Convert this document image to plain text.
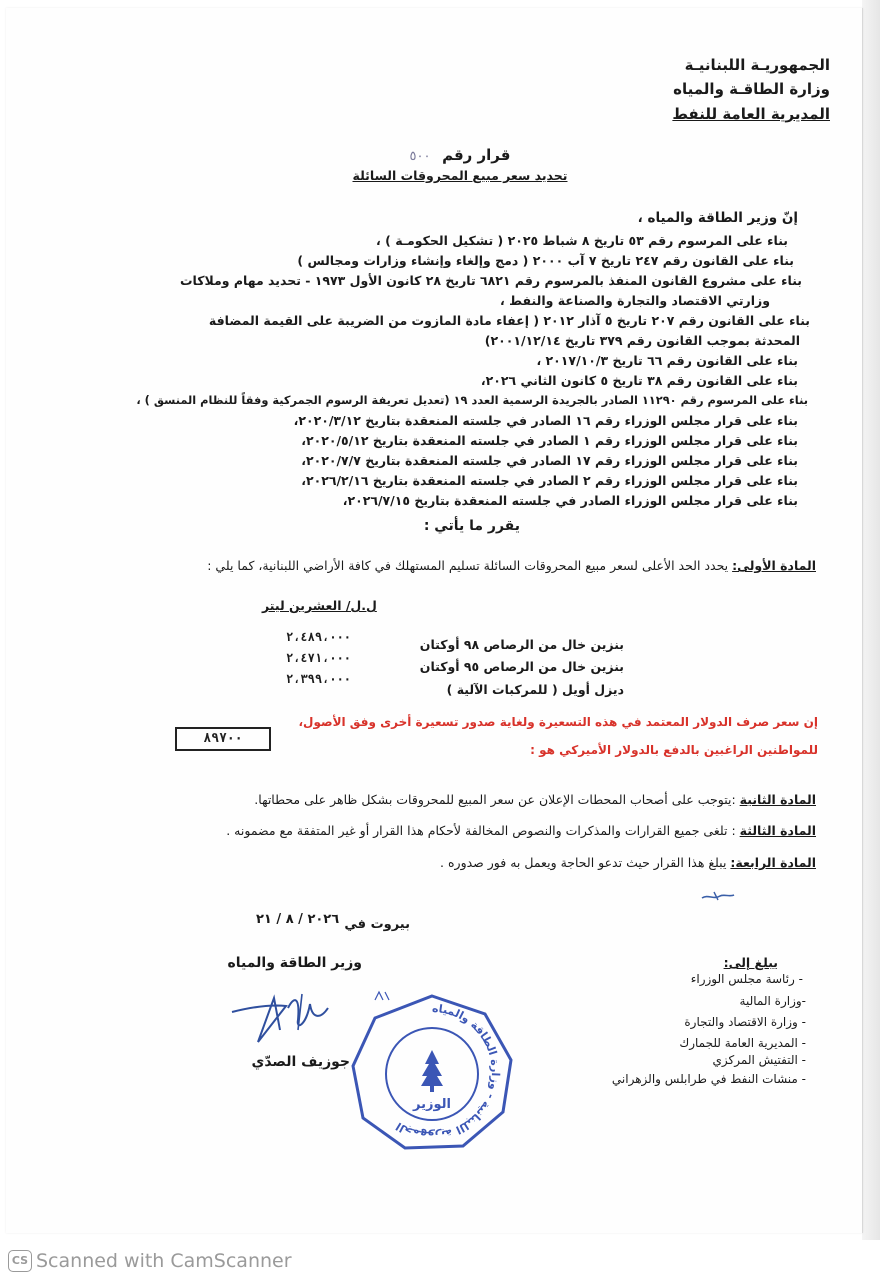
الجمهوريـة اللبنانيـة
وزارة الطاقـة والمياه
المديرية العامة للنفط
قرار رقم ٥٠٠
تحديد سعر مبيع المحروقات السائلة
إنّ وزير الطاقة والمياه ،
بناء على المرسوم رقم ٥٣ تاريخ ٨ شباط ٢٠٢٥ ( تشكيل الحكومـة ) ،
بناء على القانون رقم ٢٤٧ تاريخ ٧ آب ٢٠٠٠ ( دمج وإلغاء وإنشاء وزارات ومجالس )
بناء على مشروع القانون المنفذ بالمرسوم رقم ٦٨٢١ تاريخ ٢٨ كانون الأول ١٩٧٣ - تحديد مهام وملاكات
وزارتي الاقتصاد والتجارة والصناعة والنفط ،
بناء على القانون رقم ٢٠٧ تاريخ ٥ آذار ٢٠١٢ ( إعفاء مادة المازوت من الضريبة على القيمة المضافة
المحدثة بموجب القانون رقم ٣٧٩ تاريخ ٢٠٠١/١٢/١٤)
بناء على القانون رقم ٦٦ تاريخ ٢٠١٧/١٠/٣ ،
بناء على القانون رقم ٣٨ تاريخ ٥ كانون الثاني ٢٠٢٦،
بناء على المرسوم رقم ١١٢٩٠ الصادر بالجريدة الرسمية العدد ١٩ (تعديل تعريفة الرسوم الجمركية وفقاً للنظام المنسق ) ،
بناء على قرار مجلس الوزراء رقم ١٦ الصادر في جلسته المنعقدة بتاريخ ٢٠٢٠/٣/١٢،
بناء على قرار مجلس الوزراء رقم ١ الصادر في جلسته المنعقدة بتاريخ ٢٠٢٠/٥/١٢،
بناء على قرار مجلس الوزراء رقم ١٧ الصادر في جلسته المنعقدة بتاريخ ٢٠٢٠/٧/٧،
بناء على قرار مجلس الوزراء رقم ٢ الصادر في جلسته المنعقدة بتاريخ ٢٠٢٦/٢/١٦،
بناء على قرار مجلس الوزراء الصادر في جلسته المنعقدة بتاريخ ٢٠٢٦/٧/١٥،
يقرر ما يأتي :
المادة الأولى: يحدد الحد الأعلى لسعر مبيع المحروقات السائلة تسليم المستهلك في كافة الأراضي اللبنانية، كما يلي :
ل.ل/ العشرين ليتر
٢،٤٨٩،٠٠٠
٢،٤٧١،٠٠٠
٢،٣٩٩،٠٠٠
بنزين خال من الرصاص ٩٨ أوكتان
بنزين خال من الرصاص ٩٥ أوكتان
ديزل أويل ( للمركبات الآلية )
إن سعر صرف الدولار المعتمد في هذه التسعيرة ولغاية صدور تسعيرة أخرى وفق الأصول،
للمواطنين الراغبين بالدفع بالدولار الأميركي هو :
٨٩٧٠٠
المادة الثانية :يتوجب على أصحاب المحطات الإعلان عن سعر المبيع للمحروقات بشكل ظاهر على محطاتها.
المادة الثالثة : تلغى جميع القرارات والمذكرات والنصوص المخالفة لأحكام هذا القرار أو غير المتفقة مع مضمونه .
المادة الرابعة: يبلغ هذا القرار حيث تدعو الحاجة ويعمل به فور صدوره .
بيروت في
٢٠٢٦ / ٨ / ٢١
وزير الطاقة والمياه
جوزيف الصدّي
الجمهورية اللبنانية - وزارة الطاقة والمياه
الوزير
يبلغ إلى:
- رئاسة مجلس الوزراء
-وزارة المالية
- وزارة الاقتصاد والتجارة
- المديرية العامة للجمارك
- التفتيش المركزي
- منشات النفط في طرابلس والزهراني
CS Scanned with CamScanner
